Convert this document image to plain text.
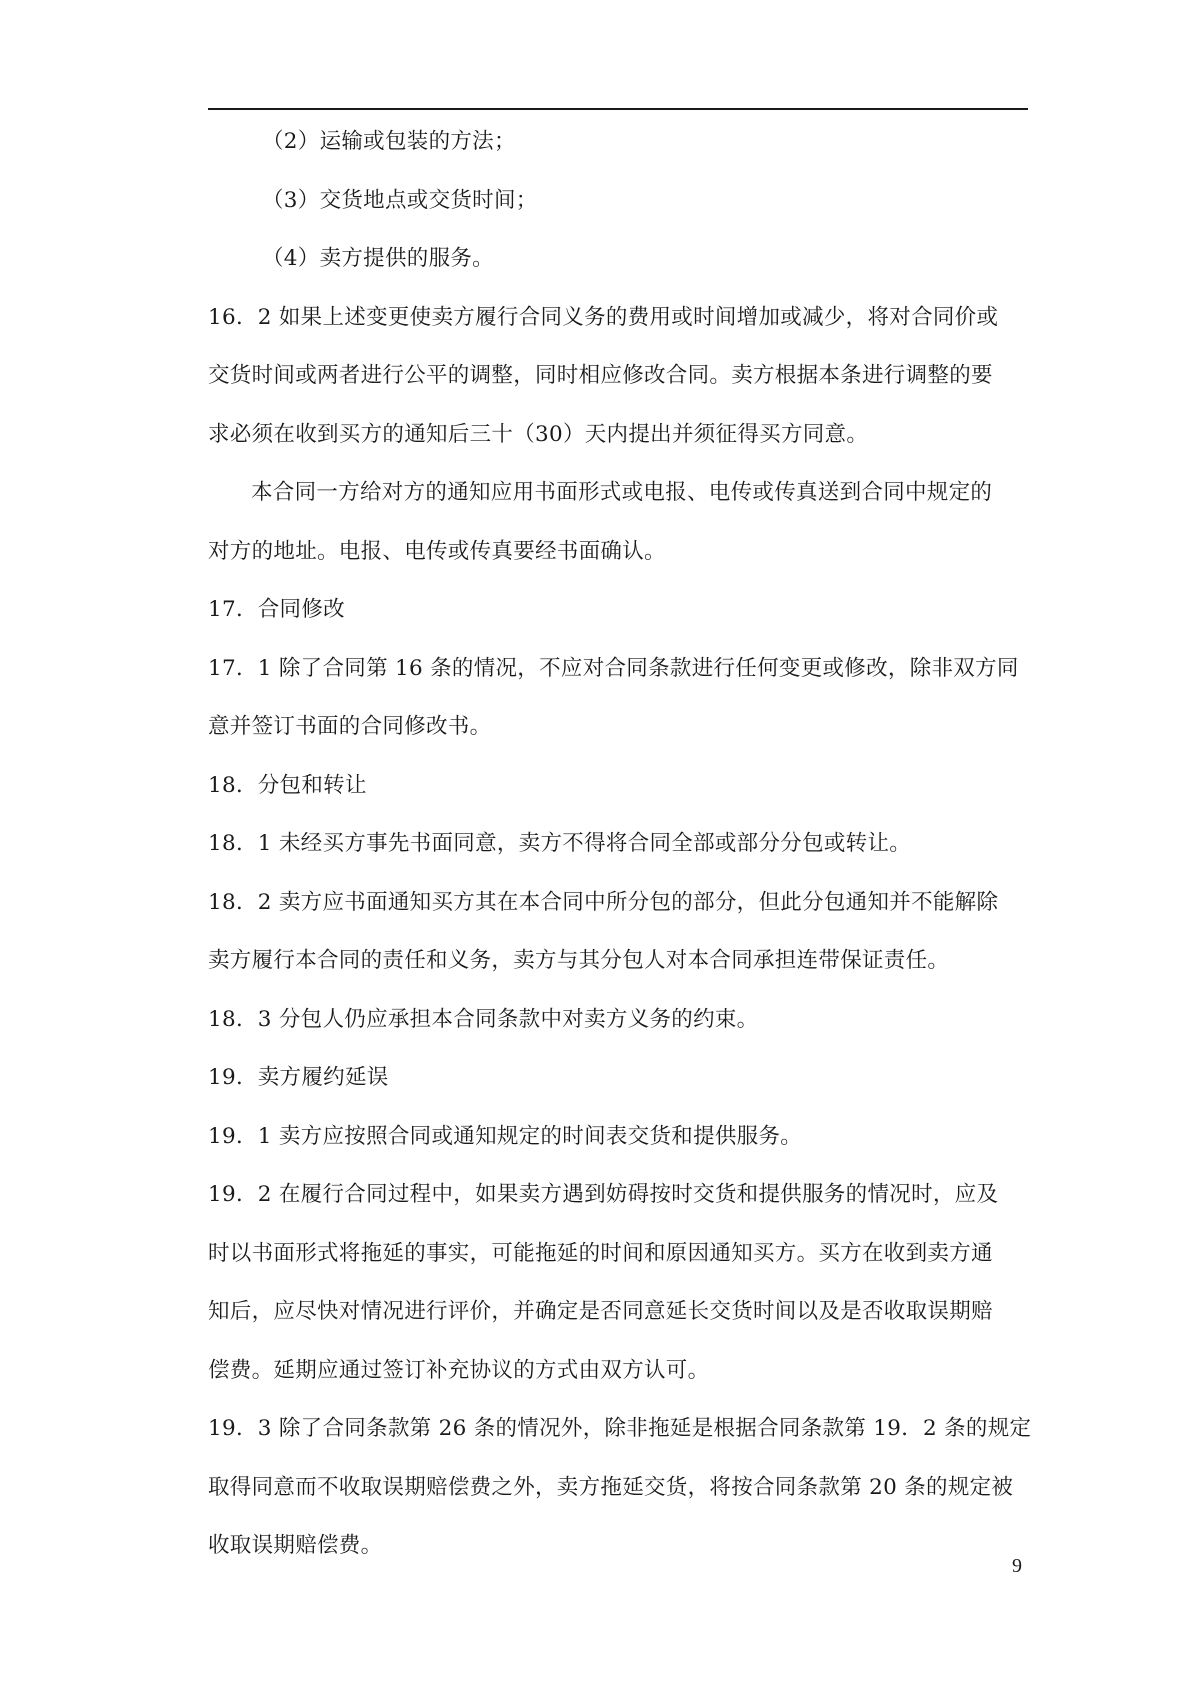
（2）运输或包装的方法；
（3）交货地点或交货时间；
（4）卖方提供的服务。
16．2 如果上述变更使卖方履行合同义务的费用或时间增加或减少，将对合同价或
交货时间或两者进行公平的调整，同时相应修改合同。卖方根据本条进行调整的要
求必须在收到买方的通知后三十（30）天内提出并须征得买方同意。
本合同一方给对方的通知应用书面形式或电报、电传或传真送到合同中规定的
对方的地址。电报、电传或传真要经书面确认。
17．合同修改
17．1 除了合同第 16 条的情况，不应对合同条款进行任何变更或修改，除非双方同
意并签订书面的合同修改书。
18．分包和转让
18．1 未经买方事先书面同意，卖方不得将合同全部或部分分包或转让。
18．2 卖方应书面通知买方其在本合同中所分包的部分，但此分包通知并不能解除
卖方履行本合同的责任和义务，卖方与其分包人对本合同承担连带保证责任。
18．3 分包人仍应承担本合同条款中对卖方义务的约束。
19．卖方履约延误
19．1 卖方应按照合同或通知规定的时间表交货和提供服务。
19．2 在履行合同过程中，如果卖方遇到妨碍按时交货和提供服务的情况时，应及
时以书面形式将拖延的事实，可能拖延的时间和原因通知买方。买方在收到卖方通
知后，应尽快对情况进行评价，并确定是否同意延长交货时间以及是否收取误期赔
偿费。延期应通过签订补充协议的方式由双方认可。
19．3 除了合同条款第 26 条的情况外，除非拖延是根据合同条款第 19．2 条的规定
取得同意而不收取误期赔偿费之外，卖方拖延交货，将按合同条款第 20 条的规定被
收取误期赔偿费。
9
